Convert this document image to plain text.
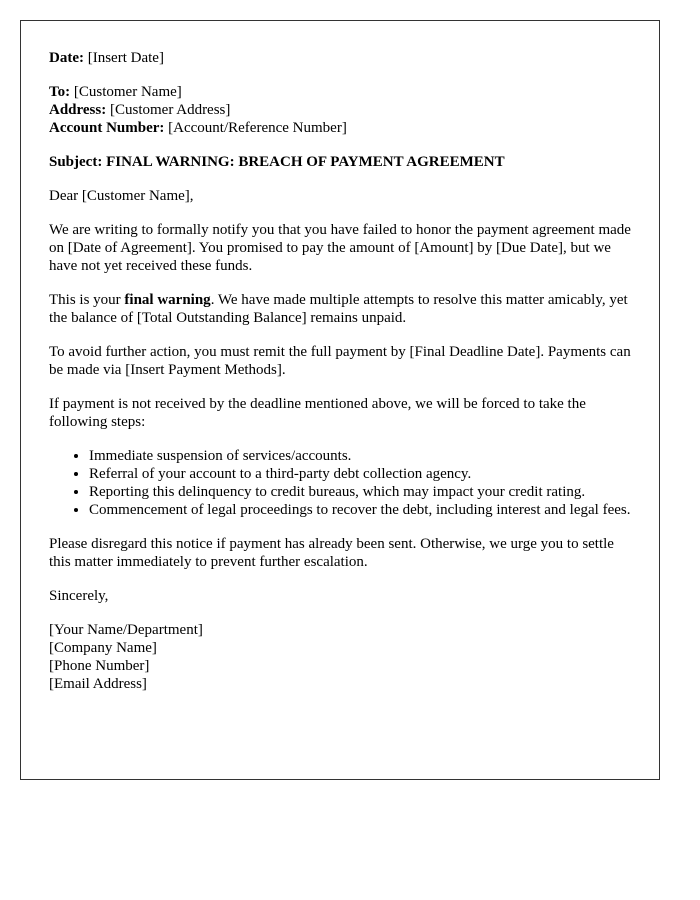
Date: [Insert Date]

To: [Customer Name]
Address: [Customer Address]
Account Number: [Account/Reference Number]

Subject: FINAL WARNING: BREACH OF PAYMENT AGREEMENT

Dear [Customer Name],

We are writing to formally notify you that you have failed to honor the payment agreement made on [Date of Agreement]. You promised to pay the amount of [Amount] by [Due Date], but we have not yet received these funds.

This is your final warning. We have made multiple attempts to resolve this matter amicably, yet the balance of [Total Outstanding Balance] remains unpaid.

To avoid further action, you must remit the full payment by [Final Deadline Date]. Payments can be made via [Insert Payment Methods].

If payment is not received by the deadline mentioned above, we will be forced to take the following steps:

• Immediate suspension of services/accounts.
• Referral of your account to a third-party debt collection agency.
• Reporting this delinquency to credit bureaus, which may impact your credit rating.
• Commencement of legal proceedings to recover the debt, including interest and legal fees.

Please disregard this notice if payment has already been sent. Otherwise, we urge you to settle this matter immediately to prevent further escalation.

Sincerely,

[Your Name/Department]
[Company Name]
[Phone Number]
[Email Address]
